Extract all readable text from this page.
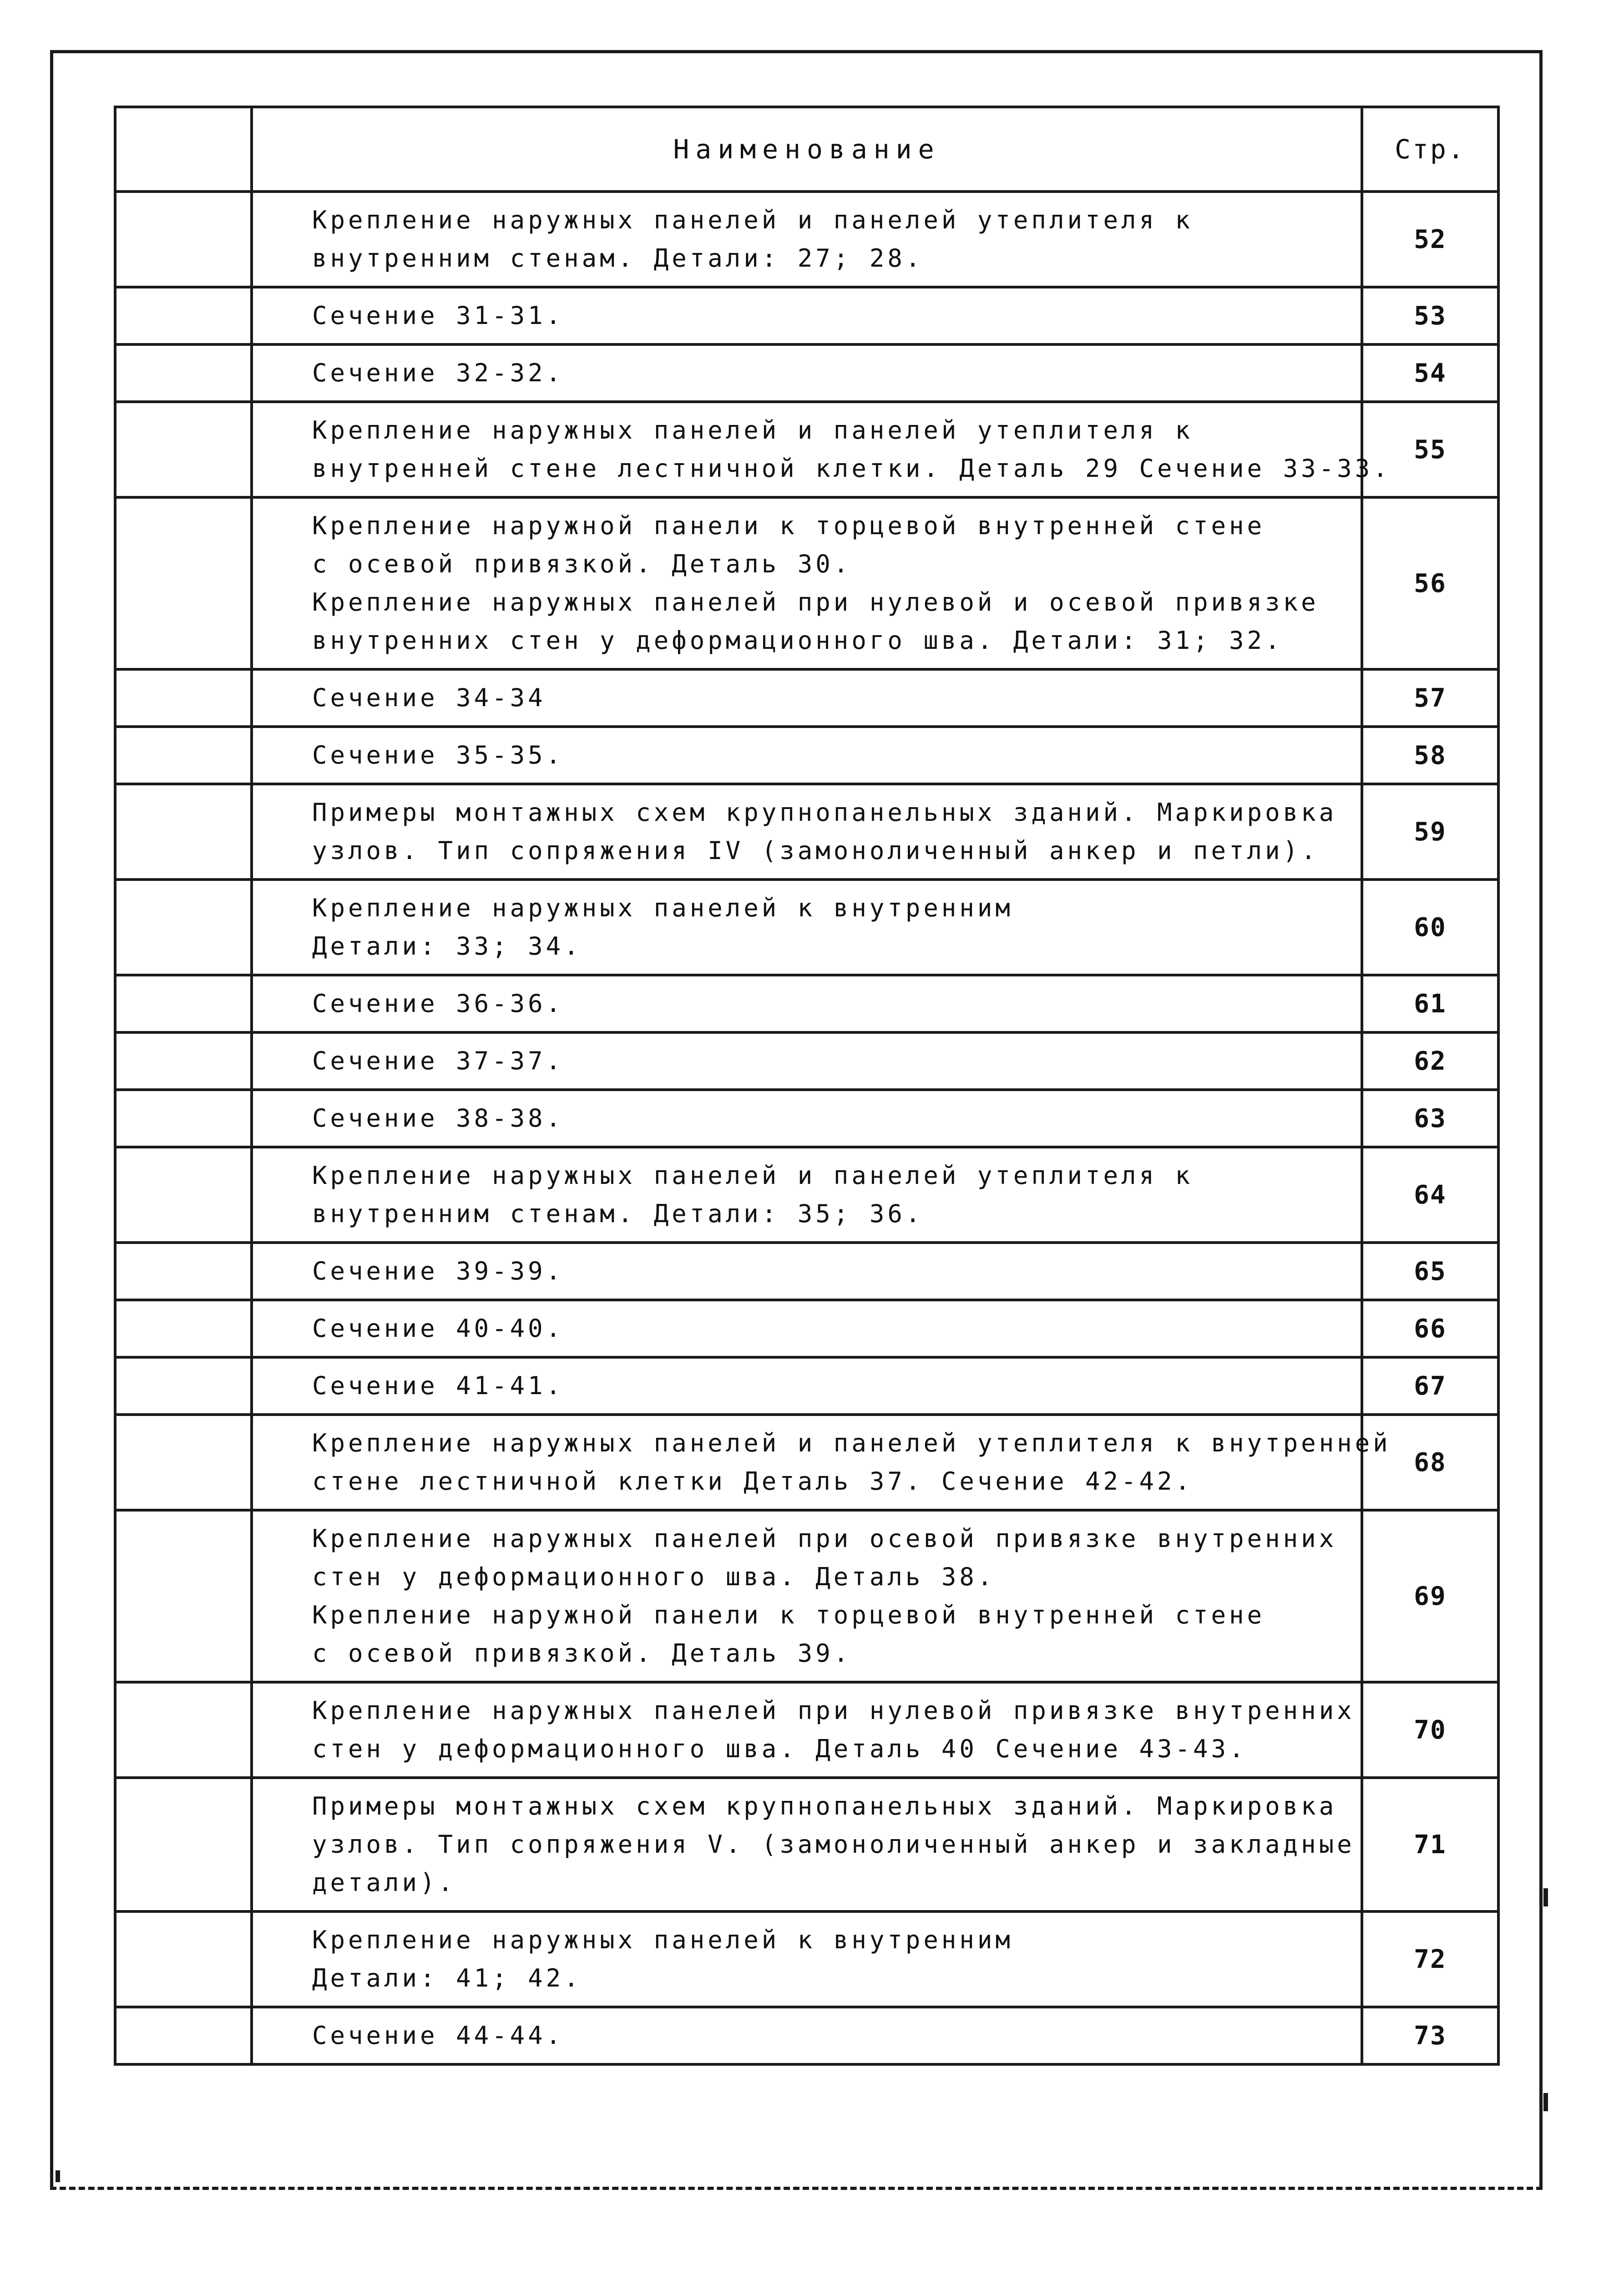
	Наименование	Стр.

	Крепление наружных панелей и панелей утеплителя к
внутренним стенам. Детали: 27; 28.	52

	Сечение 31-31.	53

	Сечение 32-32.	54

	Крепление наружных панелей и панелей утеплителя к
внутренней стене лестничной клетки. Деталь 29 Сечение 33-33.	55

	Крепление наружной панели к торцевой внутренней стене
с осевой привязкой. Деталь 30.
Крепление наружных панелей при нулевой и осевой привязке
внутренних стен у деформационного шва. Детали: 31; 32.	56

	Сечение 34-34	57

	Сечение 35-35.	58

	Примеры монтажных схем крупнопанельных зданий. Маркировка
узлов. Тип сопряжения IV (замоноличенный анкер и петли).	59

	Крепление наружных панелей к внутренним
Детали: 33; 34.	60

	Сечение 36-36.	61

	Сечение 37-37.	62

	Сечение 38-38.	63

	Крепление наружных панелей и панелей утеплителя к
внутренним стенам. Детали: 35; 36.	64

	Сечение 39-39.	65

	Сечение 40-40.	66

	Сечение 41-41.	67

	Крепление наружных панелей и панелей утеплителя к внутренней
стене лестничной клетки Деталь 37. Сечение 42-42.	68

	Крепление наружных панелей при осевой привязке внутренних
стен у деформационного шва. Деталь 38.
Крепление наружной панели к торцевой внутренней стене
с осевой привязкой. Деталь 39.	69

	Крепление наружных панелей при нулевой привязке внутренних
стен у деформационного шва. Деталь 40 Сечение 43-43.	70

	Примеры монтажных схем крупнопанельных зданий. Маркировка
узлов. Тип сопряжения V. (замоноличенный анкер и закладные
детали).	71

	Крепление наружных панелей к внутренним
Детали: 41; 42.	72

	Сечение 44-44.	73
